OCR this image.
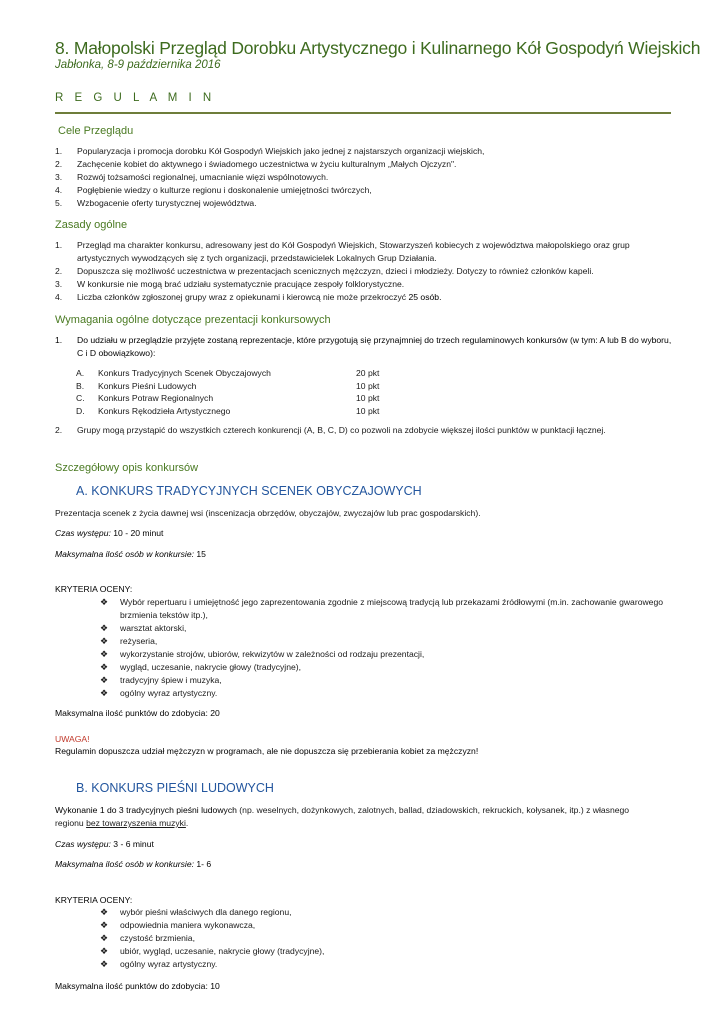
8. Małopolski Przegląd Dorobku Artystycznego i Kulinarnego Kół Gospodyń Wiejskich
Jabłonka, 8-9 października 2016
R E G U L A M I N
Cele Przeglądu
1. Popularyzacja i promocja dorobku Kół Gospodyń Wiejskich jako jednej z najstarszych organizacji wiejskich,
2. Zachęcenie kobiet do aktywnego i świadomego uczestnictwa w życiu kulturalnym „Małych Ojczyzn".
3. Rozwój tożsamości regionalnej, umacnianie więzi wspólnotowych.
4. Pogłębienie wiedzy o kulturze regionu i doskonalenie umiejętności twórczych,
5. Wzbogacenie oferty turystycznej województwa.
Zasady ogólne
1. Przegląd ma charakter konkursu, adresowany jest do Kół Gospodyń Wiejskich, Stowarzyszeń kobiecych z województwa małopolskiego oraz grup artystycznych wywodzących się z tych organizacji, przedstawicielek Lokalnych Grup Działania.
2. Dopuszcza się możliwość uczestnictwa w prezentacjach scenicznych mężczyzn, dzieci i młodzieży. Dotyczy to również członków kapeli.
3. W konkursie nie mogą brać udziału systematycznie pracujące zespoły folklorystyczne.
4. Liczba członków zgłoszonej grupy wraz z opiekunami i kierowcą nie może przekroczyć 25 osób.
Wymagania ogólne dotyczące prezentacji konkursowych
1. Do udziału w przeglądzie przyjęte zostaną reprezentacje, które przygotują się przynajmniej do trzech regulaminowych konkursów (w tym: A lub B do wyboru, C i D obowiązkowo):
A. Konkurs Tradycyjnych Scenek Obyczajowych	20 pkt
B. Konkurs Pieśni Ludowych	10 pkt
C. Konkurs Potraw Regionalnych	10 pkt
D. Konkurs Rękodzieła Artystycznego	10 pkt
2. Grupy mogą przystąpić do wszystkich czterech konkurencji (A, B, C, D) co pozwoli na zdobycie większej ilości punktów w punktacji łącznej.
Szczegółowy opis konkursów
A. KONKURS TRADYCYJNYCH SCENEK OBYCZAJOWYCH
Prezentacja scenek z życia dawnej wsi (inscenizacja obrzędów, obyczajów, zwyczajów lub prac gospodarskich).
Czas występu: 10 - 20 minut
Maksymalna ilość osób w konkursie: 15
KRYTERIA OCENY:
❖ Wybór repertuaru i umiejętność jego zaprezentowania zgodnie z miejscową tradycją lub przekazami źródłowymi (m.in. zachowanie gwarowego brzmienia tekstów itp.),
❖ warsztat aktorski,
❖ reżyseria,
❖ wykorzystanie strojów, ubiorów, rekwizytów w zależności od rodzaju prezentacji,
❖ wygląd, uczesanie, nakrycie głowy (tradycyjne),
❖ tradycyjny śpiew i muzyka,
❖ ogólny wyraz artystyczny.
Maksymalna ilość punktów do zdobycia: 20
UWAGA!
Regulamin dopuszcza udział mężczyzn w programach, ale nie dopuszcza się przebierania kobiet za mężczyzn!
B. KONKURS PIEŚNI LUDOWYCH
Wykonanie 1 do 3 tradycyjnych pieśni ludowych (np. weselnych, dożynkowych, zalotnych, ballad, dziadowskich, rekruckich, kołysanek, itp.) z własnego
regionu bez towarzyszenia muzyki.
Czas występu: 3 - 6 minut
Maksymalna ilość osób w konkursie: 1- 6
KRYTERIA OCENY:
❖ wybór pieśni właściwych dla danego regionu,
❖ odpowiednia maniera wykonawcza,
❖ czystość brzmienia,
❖ ubiór, wygląd, uczesanie, nakrycie głowy (tradycyjne),
❖ ogólny wyraz artystyczny.
Maksymalna ilość punktów do zdobycia: 10
